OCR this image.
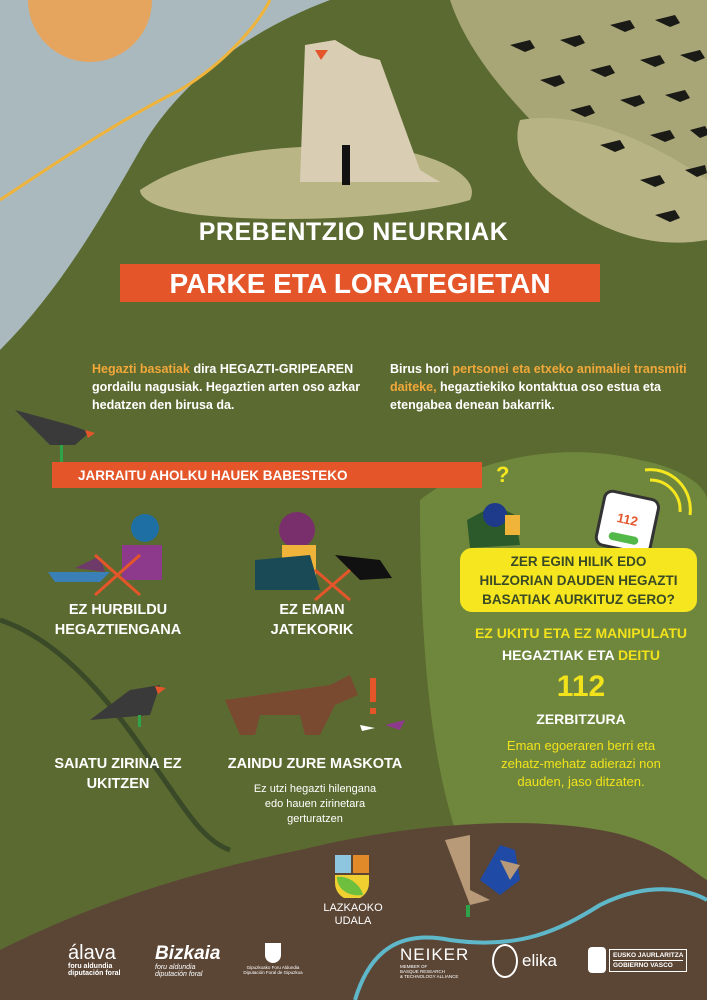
PREBENTZIO NEURRIAK
PARKE ETA LORATEGIETAN
Hegazti basatiak dira HEGAZTI-GRIPEAREN gordailu nagusiak. Hegaztien arten oso azkar hedatzen den birusa da.
Birus hori pertsonei eta etxeko animaliei transmiti daiteke, hegaztiekiko kontaktua oso estua eta etengabea denean bakarrik.
JARRAITU AHOLKU HAUEK BABESTEKO
EZ HURBILDU
HEGAZTIENGANA
EZ EMAN
JATEKORIK
SAIATU ZIRINA EZ
UKITZEN
ZAINDU ZURE MASKOTA
Ez utzi hegazti hilengana
edo hauen zirinetara
gerturatzen
?
112
ZER EGIN HILIK EDO
HILZORIAN DAUDEN HEGAZTI
BASATIAK AURKITUZ GERO?
EZ UKITU ETA EZ MANIPULATU
HEGAZTIAK ETA DEITU
112
ZERBITZURA
Eman egoeraren berri eta
zehatz-mehatz adierazi non
dauden, jaso ditzaten.
LAZKAOKO
UDALA
álava
foru aldundia
diputación foral
Bizkaia
foru aldundia
diputación foral
Gipuzkoako Foru Aldundia
Diputación Foral de Gipuzkoa
NEIKER
MEMBER OF
BASQUE RESEARCH
& TECHNOLOGY ALLIANCE
elika	EUSKO JAURLARITZA
GOBIERNO VASCO
